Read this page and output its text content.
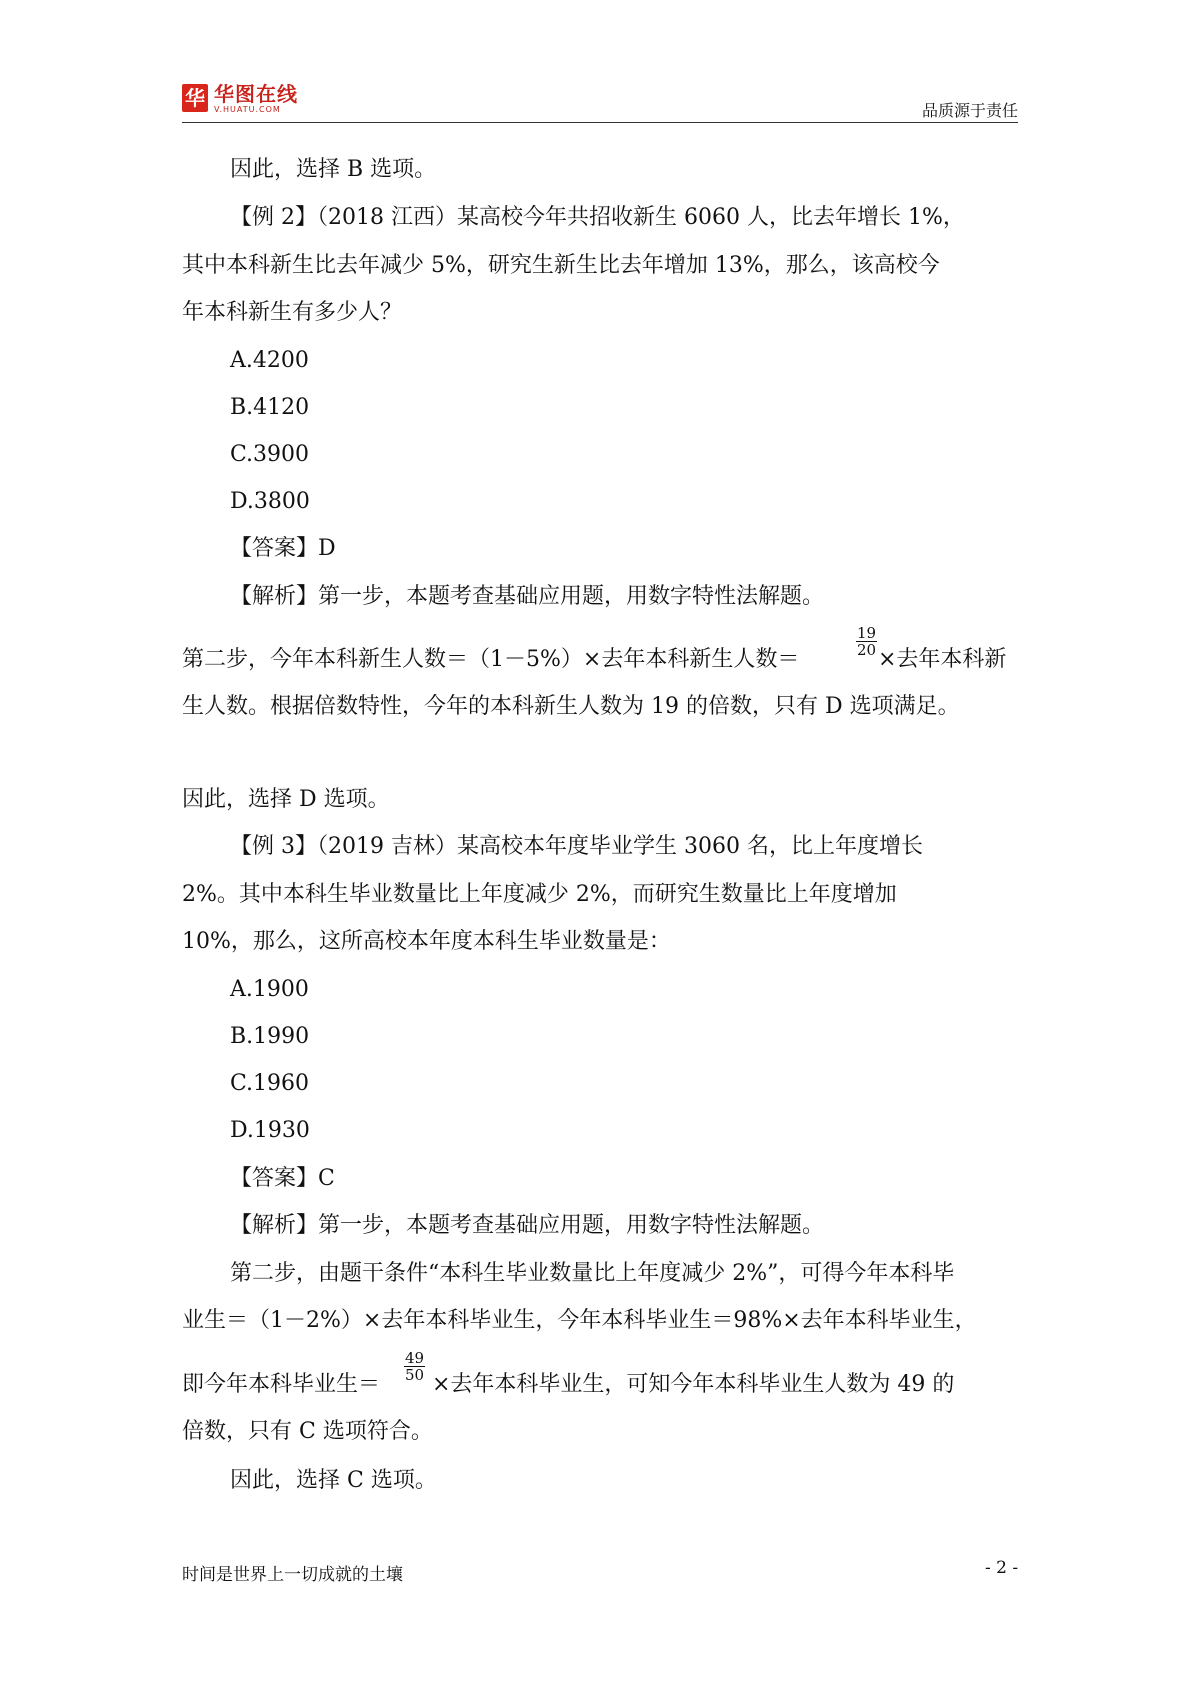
华 华图在线
V.HUATU.COM	品质源于责任
因此，选择 B 选项。
【例 2】（2018 江西）某高校今年共招收新生 6060 人，比去年增长 1%，
其中本科新生比去年减少 5%，研究生新生比去年增加 13%，那么，该高校今
年本科新生有多少人？
A.4200
B.4120
C.3900
D.3800
【答案】D
【解析】第一步，本题考查基础应用题，用数字特性法解题。
第二步，今年本科新生人数＝（1－5%）×去年本科新生人数＝
$\frac{19}{20}$
×去年本科新
生人数。根据倍数特性，今年的本科新生人数为 19 的倍数，只有 D 选项满足。
因此，选择 D 选项。
【例 3】（2019 吉林）某高校本年度毕业学生 3060 名，比上年度增长
2%。其中本科生毕业数量比上年度减少 2%，而研究生数量比上年度增加
10%，那么，这所高校本年度本科生毕业数量是：
A.1900
B.1990
C.1960
D.1930
【答案】C
【解析】第一步，本题考查基础应用题，用数字特性法解题。
第二步，由题干条件“本科生毕业数量比上年度减少 2%”，可得今年本科毕
业生＝（1－2%）×去年本科毕业生，今年本科毕业生＝98%×去年本科毕业生，
即今年本科毕业生＝
$\frac{49}{50}$
×去年本科毕业生，可知今年本科毕业生人数为 49 的
倍数，只有 C 选项符合。
因此，选择 C 选项。
时间是世界上一切成就的土壤	- 2 -
